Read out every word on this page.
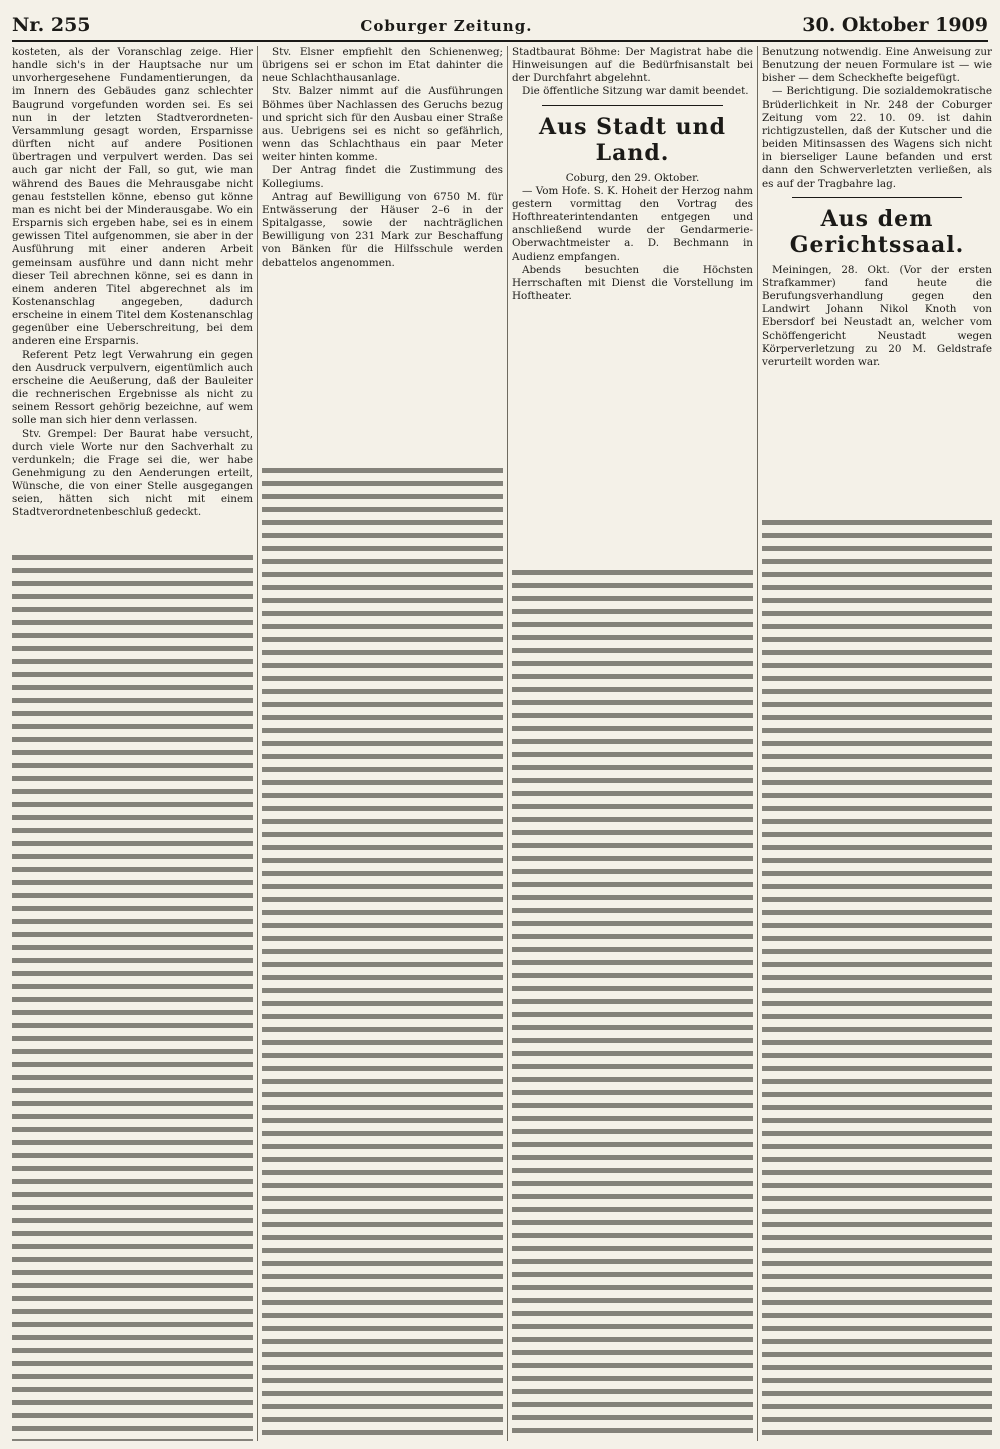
Nr. 255	Coburger Zeitung.	30. Oktober 1909

kosteten, als der Voranschlag zeige. Hier handle sich's in der Hauptsache nur um unvorhergesehene Fundamentierungen, da im Innern des Gebäudes ganz schlechter Baugrund vorgefunden worden sei. Es sei nun in der letzten Stadtverordneten-Versammlung gesagt worden, Ersparnisse dürften nicht auf andere Positionen übertragen und verpulvert werden. Das sei auch gar nicht der Fall, so gut, wie man während des Baues die Mehrausgabe nicht genau feststellen könne, ebenso gut könne man es nicht bei der Minderausgabe. Wo ein Ersparnis sich ergeben habe, sei es in einem gewissen Titel aufgenommen, sie aber in der Ausführung mit einer anderen Arbeit gemeinsam ausführe und dann nicht mehr dieser Teil abrechnen könne, sei es dann in einem anderen Titel abgerechnet als im Kostenanschlag angegeben, dadurch erscheine in einem Titel dem Kostenanschlag gegenüber eine Ueberschreitung, bei dem anderen eine Ersparnis.

Referent Petz legt Verwahrung ein gegen den Ausdruck verpulvern, eigentümlich auch erscheine die Aeußerung, daß der Bauleiter die rechnerischen Ergebnisse als nicht zu seinem Ressort gehörig bezeichne, auf wem solle man sich hier denn verlassen.

Stv. Grempel: Der Baurat habe versucht, durch viele Worte nur den Sachverhalt zu verdunkeln; die Frage sei die, wer habe Genehmigung zu den Aenderungen erteilt, Wünsche, die von einer Stelle ausgegangen seien, hätten sich nicht mit einem Stadtverordnetenbeschluß gedeckt.

Stv. Elsner empfiehlt den Schienenweg; übrigens sei er schon im Etat dahinter die neue Schlachthausanlage.

Stv. Balzer nimmt auf die Ausführungen Böhmes über Nachlassen des Geruchs bezug und spricht sich für den Ausbau einer Straße aus. Uebrigens sei es nicht so gefährlich, wenn das Schlachthaus ein paar Meter weiter hinten komme.

Der Antrag findet die Zustimmung des Kollegiums.

Antrag auf Bewilligung von 6750 M. für Entwässerung der Häuser 2–6 in der Spitalgasse, sowie der nachträglichen Bewilligung von 231 Mark zur Beschaffung von Bänken für die Hilfsschule werden debattelos angenommen.

Stadtbaurat Böhme: Der Magistrat habe die Hinweisungen auf die Bedürfnisanstalt bei der Durchfahrt abgelehnt.

Die öffentliche Sitzung war damit beendet.

Aus Stadt und Land.

Coburg, den 29. Oktober.

— Vom Hofe. S. K. Hoheit der Herzog nahm gestern vormittag den Vortrag des Hofthreaterintendanten entgegen und anschließend wurde der Gendarmerie-Oberwachtmeister a. D. Bechmann in Audienz empfangen.

Abends besuchten die Höchsten Herrschaften mit Dienst die Vorstellung im Hoftheater.

Benutzung notwendig. Eine Anweisung zur Benutzung der neuen Formulare ist — wie bisher — dem Scheckhefte beigefügt.

— Berichtigung. Die sozialdemokratische Brüderlichkeit in Nr. 248 der Coburger Zeitung vom 22. 10. 09. ist dahin richtigzustellen, daß der Kutscher und die beiden Mitinsassen des Wagens sich nicht in bierseliger Laune befanden und erst dann den Schwerverletzten verließen, als es auf der Tragbahre lag.

Aus dem Gerichtssaal.

Meiningen, 28. Okt. (Vor der ersten Strafkammer) fand heute die Berufungsverhandlung gegen den Landwirt Johann Nikol Knoth von Ebersdorf bei Neustadt an, welcher vom Schöffengericht Neustadt wegen Körperverletzung zu 20 M. Geldstrafe verurteilt worden war.
